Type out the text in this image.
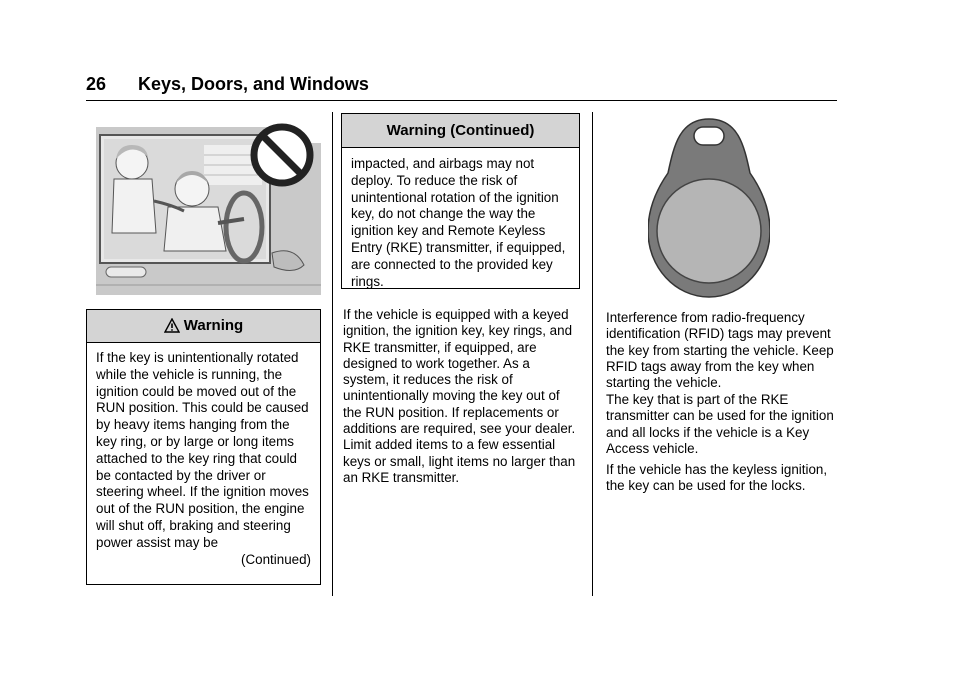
26 Keys, Doors, and Windows
Warning
If the key is unintentionally rotated while the vehicle is running, the ignition could be moved out of the RUN position. This could be caused by heavy items hanging from the key ring, or by large or long items attached to the key ring that could be contacted by the driver or steering wheel. If the ignition moves out of the RUN position, the engine will shut off, braking and steering power assist may be
(Continued)
Warning (Continued)
impacted, and airbags may not deploy. To reduce the risk of unintentional rotation of the ignition key, do not change the way the ignition key and Remote Keyless Entry (RKE) transmitter, if equipped, are connected to the provided key rings.
If the vehicle is equipped with a keyed ignition, the ignition key, key rings, and RKE transmitter, if equipped, are designed to work together. As a system, it reduces the risk of unintentionally moving the key out of the RUN position. If replacements or additions are required, see your dealer. Limit added items to a few essential keys or small, light items no larger than an RKE transmitter.
Interference from radio-frequency identification (RFID) tags may prevent the key from starting the vehicle. Keep RFID tags away from the key when starting the vehicle.
The key that is part of the RKE transmitter can be used for the ignition and all locks if the vehicle is a Key Access vehicle.
If the vehicle has the keyless ignition, the key can be used for the locks.
